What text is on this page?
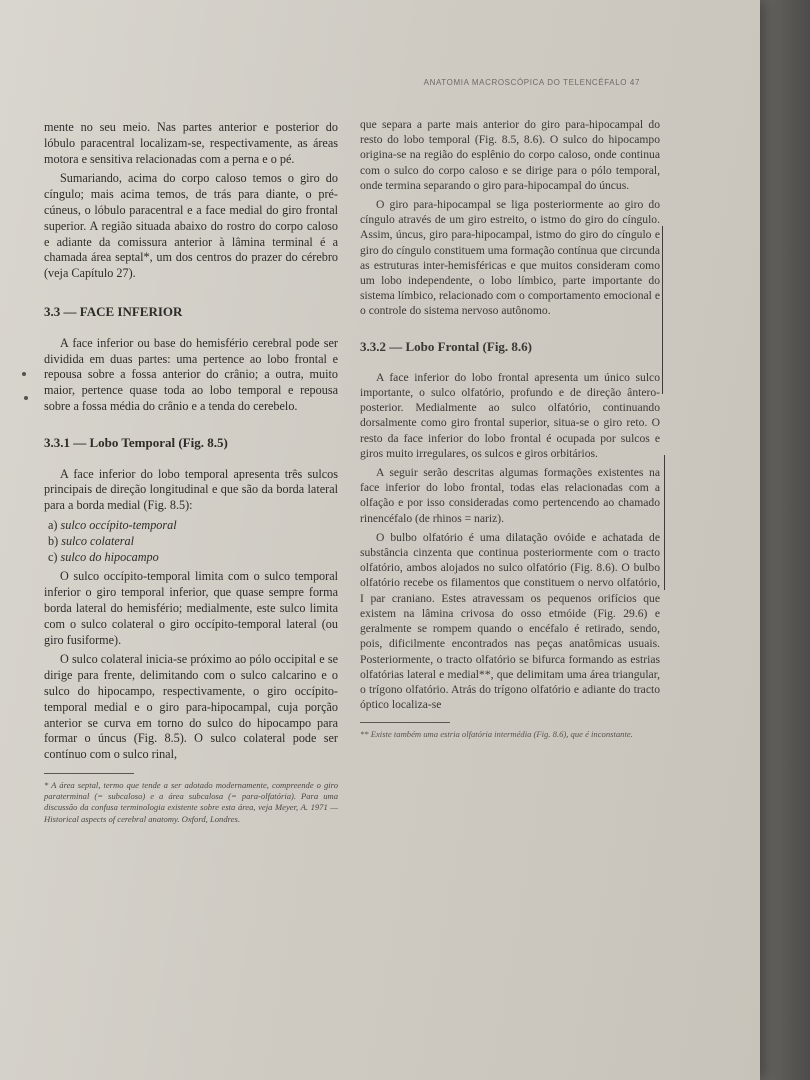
ANATOMIA MACROSCÓPICA DO TELENCÉFALO 47

mente no seu meio. Nas partes anterior e posterior do lóbulo paracentral localizam-se, respectivamente, as áreas motora e sensitiva relacionadas com a perna e o pé.

Sumariando, acima do corpo caloso temos o giro do cíngulo; mais acima temos, de trás para diante, o pré-cúneus, o lóbulo paracentral e a face medial do giro frontal superior. A região situada abaixo do rostro do corpo caloso e adiante da comissura anterior à lâmina terminal é a chamada área septal*, um dos centros do prazer do cérebro (veja Capítulo 27).

3.3 — FACE INFERIOR

A face inferior ou base do hemisfério cerebral pode ser dividida em duas partes: uma pertence ao lobo frontal e repousa sobre a fossa anterior do crânio; a outra, muito maior, pertence quase toda ao lobo temporal e repousa sobre a fossa média do crânio e a tenda do cerebelo.

3.3.1 — Lobo Temporal (Fig. 8.5)

A face inferior do lobo temporal apresenta três sulcos principais de direção longitudinal e que são da borda lateral para a borda medial (Fig. 8.5):

a) sulco occípito-temporal
b) sulco colateral
c) sulco do hipocampo

O sulco occípito-temporal limita com o sulco temporal inferior o giro temporal inferior, que quase sempre forma borda lateral do hemisfério; medialmente, este sulco limita com o sulco colateral o giro occípito-temporal lateral (ou giro fusiforme).

O sulco colateral inicia-se próximo ao pólo occipital e se dirige para frente, delimitando com o sulco calcarino e o sulco do hipocampo, respectivamente, o giro occípito-temporal medial e o giro para-hipocampal, cuja porção anterior se curva em torno do sulco do hipocampo para formar o úncus (Fig. 8.5). O sulco colateral pode ser contínuo com o sulco rinal,

* A área septal, termo que tende a ser adotado modernamente, compreende o giro paraterminal (= subcaloso) e a área subcalosa (= para-olfatória). Para uma discussão da confusa terminologia existente sobre esta área, veja Meyer, A. 1971 — Historical aspects of cerebral anatomy. Oxford, Londres.

que separa a parte mais anterior do giro para-hipocampal do resto do lobo temporal (Fig. 8.5, 8.6). O sulco do hipocampo origina-se na região do esplênio do corpo caloso, onde continua com o sulco do corpo caloso e se dirige para o pólo temporal, onde termina separando o giro para-hipocampal do úncus.

O giro para-hipocampal se liga posteriormente ao giro do cíngulo através de um giro estreito, o istmo do giro do cíngulo. Assim, úncus, giro para-hipocampal, istmo do giro do cíngulo e giro do cíngulo constituem uma formação contínua que circunda as estruturas inter-hemisféricas e que muitos consideram como um lobo independente, o lobo límbico, parte importante do sistema límbico, relacionado com o comportamento emocional e o controle do sistema nervoso autônomo.

3.3.2 — Lobo Frontal (Fig. 8.6)

A face inferior do lobo frontal apresenta um único sulco importante, o sulco olfatório, profundo e de direção ântero-posterior. Medialmente ao sulco olfatório, continuando dorsalmente como giro frontal superior, situa-se o giro reto. O resto da face inferior do lobo frontal é ocupada por sulcos e giros muito irregulares, os sulcos e giros orbitários.

A seguir serão descritas algumas formações existentes na face inferior do lobo frontal, todas elas relacionadas com a olfação e por isso consideradas como pertencendo ao chamado rinencéfalo (de rhinos = nariz).

O bulbo olfatório é uma dilatação ovóide e achatada de substância cinzenta que continua posteriormente com o tracto olfatório, ambos alojados no sulco olfatório (Fig. 8.6). O bulbo olfatório recebe os filamentos que constituem o nervo olfatório, I par craniano. Estes atravessam os pequenos orifícios que existem na lâmina crivosa do osso etmóide (Fig. 29.6) e geralmente se rompem quando o encéfalo é retirado, sendo, pois, dificilmente encontrados nas peças anatômicas usuais. Posteriormente, o tracto olfatório se bifurca formando as estrias olfatórias lateral e medial**, que delimitam uma área triangular, o trígono olfatório. Atrás do trígono olfatório e adiante do tracto óptico localiza-se

** Existe também uma estria olfatória intermédia (Fig. 8.6), que é inconstante.
